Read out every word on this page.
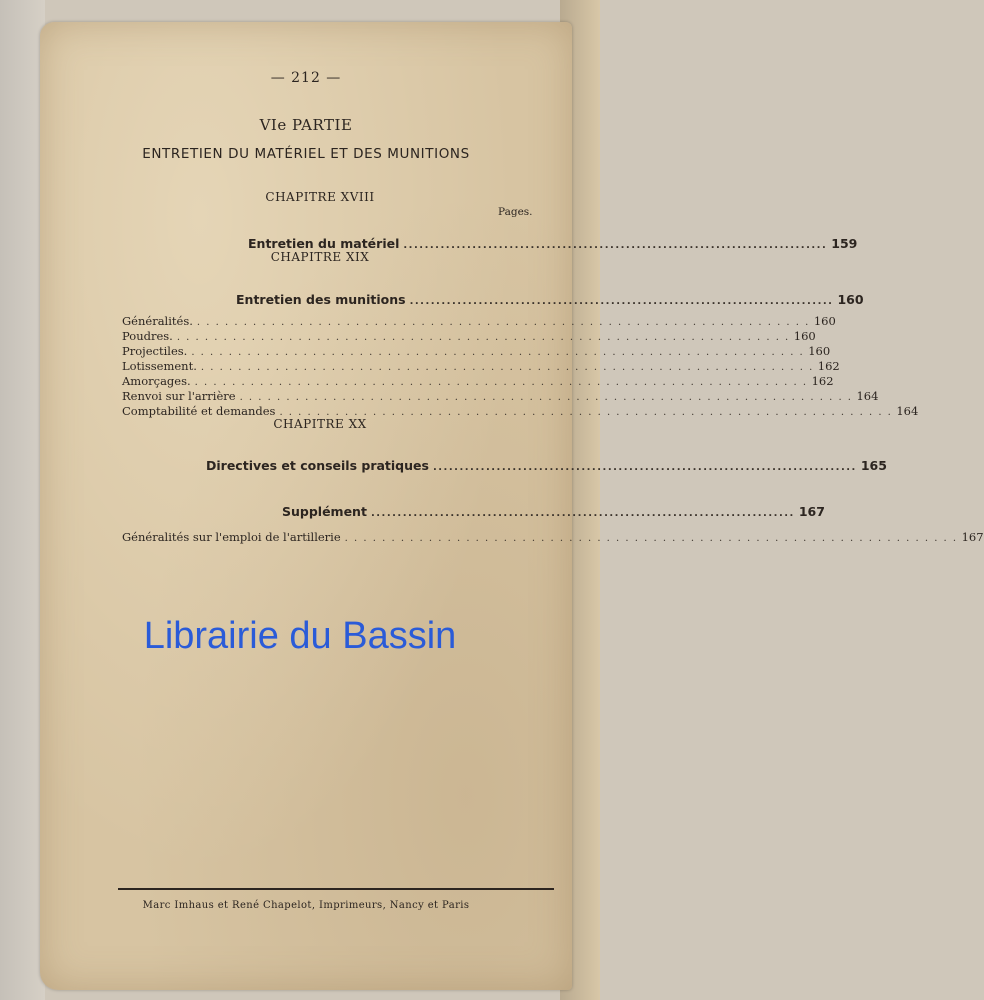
— 212 —
VIe PARTIE
ENTRETIEN DU MATÉRIEL ET DES MUNITIONS
CHAPITRE XVIII
Pages.
Entretien du matériel ................................................................................ 159
CHAPITRE XIX
Entretien des munitions ................................................................................ 160
Généralités. . . . . . . . . . . . . . . . . . . . . . . . . . . . . . . . . . . . . . . . . . . . . . . . . . . . . . . . . . . . . . . . . . . 160
Poudres. . . . . . . . . . . . . . . . . . . . . . . . . . . . . . . . . . . . . . . . . . . . . . . . . . . . . . . . . . . . . . . . . . . 160
Projectiles. . . . . . . . . . . . . . . . . . . . . . . . . . . . . . . . . . . . . . . . . . . . . . . . . . . . . . . . . . . . . . . . . . . 160
Lotissement. . . . . . . . . . . . . . . . . . . . . . . . . . . . . . . . . . . . . . . . . . . . . . . . . . . . . . . . . . . . . . . . . . . 162
Amorçages. . . . . . . . . . . . . . . . . . . . . . . . . . . . . . . . . . . . . . . . . . . . . . . . . . . . . . . . . . . . . . . . . . . 162
Renvoi sur l'arrière . . . . . . . . . . . . . . . . . . . . . . . . . . . . . . . . . . . . . . . . . . . . . . . . . . . . . . . . . . . . . . . . . . 164
Comptabilité et demandes . . . . . . . . . . . . . . . . . . . . . . . . . . . . . . . . . . . . . . . . . . . . . . . . . . . . . . . . . . . . . . . . . . 164
CHAPITRE XX
Directives et conseils pratiques ................................................................................ 165
Supplément ................................................................................ 167
Généralités sur l'emploi de l'artillerie . . . . . . . . . . . . . . . . . . . . . . . . . . . . . . . . . . . . . . . . . . . . . . . . . . . . . . . . . . . . . . . . . . 167
Marc Imhaus et René Chapelot, Imprimeurs, Nancy et Paris
Librairie du Bassin
